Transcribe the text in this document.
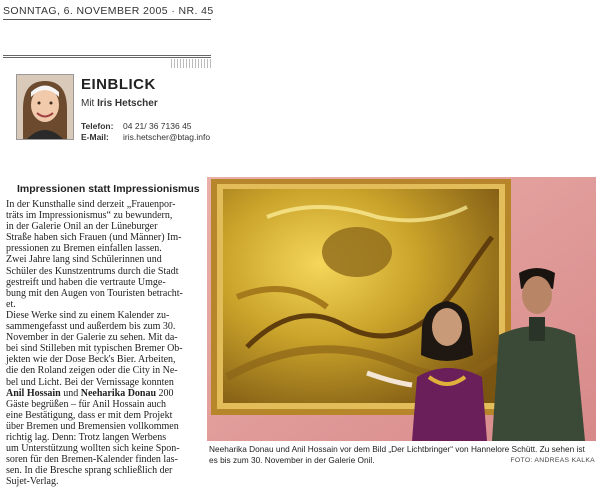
SONNTAG, 6. NOVEMBER 2005 · NR. 45
EINBLICK
Mit Iris Hetscher
Telefon: 04 21/ 36 7136 45
E-Mail: iris.hetscher@btag.info
Impressionen statt Impressionismus
In der Kunsthalle sind derzeit „Frauenpor-
träts im Impressionismus“ zu bewundern,
in der Galerie Onil an der Lüneburger
Straße haben sich Frauen (und Männer) Im-
pressionen zu Bremen einfallen lassen.
Zwei Jahre lang sind Schülerinnen und
Schüler des Kunstzentrums durch die Stadt
gestreift und haben die vertraute Umge-
bung mit den Augen von Touristen betracht-
et.
Diese Werke sind zu einem Kalender zu-
sammengefasst und außerdem bis zum 30.
November in der Galerie zu sehen. Mit da-
bei sind Stilleben mit typischen Bremer Ob-
jekten wie der Dose Beck's Bier. Arbeiten,
die den Roland zeigen oder die City in Ne-
bel und Licht. Bei der Vernissage konnten
Anil Hossain und Neeharika Donau 200
Gäste begrüßen – für Anil Hossain auch
eine Bestätigung, dass er mit dem Projekt
über Bremen und Bremensien vollkommen
richtig lag. Denn: Trotz langen Werbens
um Unterstützung wollten sich keine Spon-
soren für den Bremen-Kalender finden las-
sen. In die Bresche sprang schließlich der
Sujet-Verlag.
Neeharika Donau und Anil Hossain vor dem Bild „Der Lichtbringer“ von Hannelore Schütt. Zu sehen ist es bis zum 30. November in der Galerie Onil.	FOTO: ANDREAS KALKA
